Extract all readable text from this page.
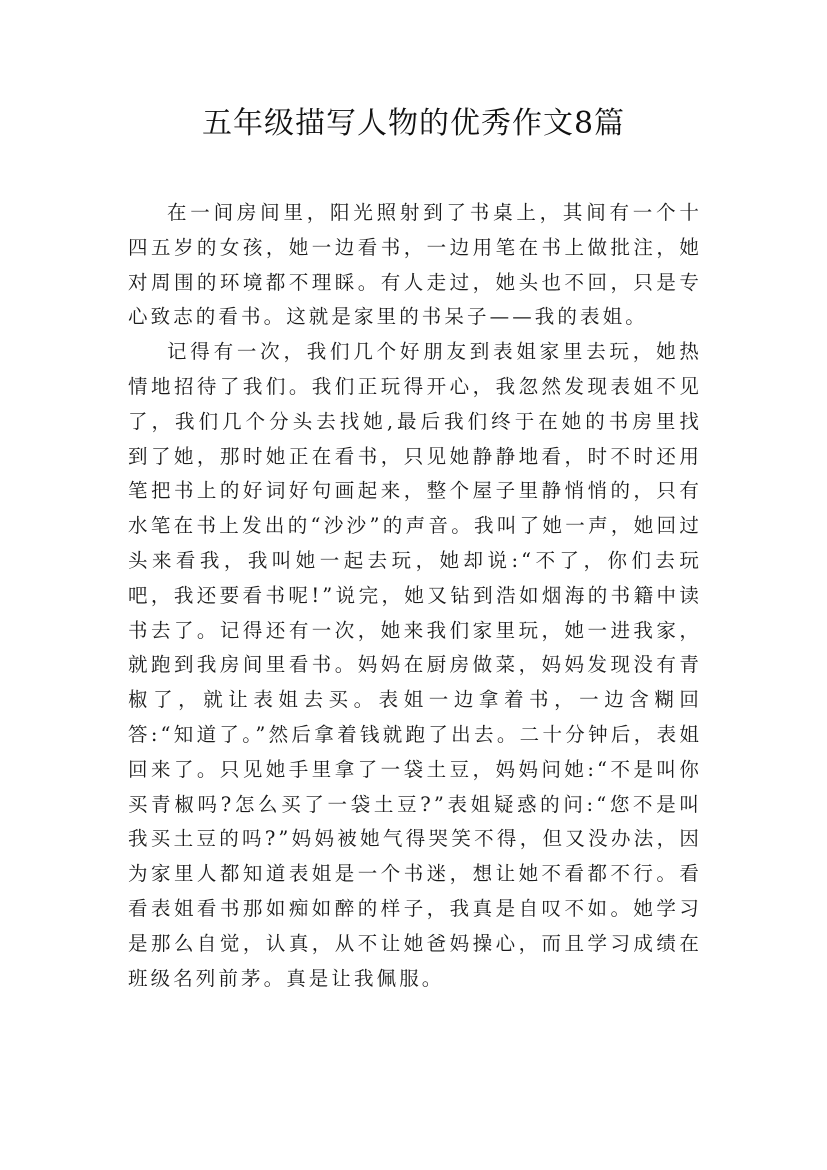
五年级描写人物的优秀作文8篇

在一间房间里，阳光照射到了书桌上，其间有一个十四五岁的女孩，她一边看书，一边用笔在书上做批注，她对周围的环境都不理睬。有人走过，她头也不回，只是专心致志的看书。这就是家里的书呆子——我的表姐。

记得有一次，我们几个好朋友到表姐家里去玩，她热情地招待了我们。我们正玩得开心，我忽然发现表姐不见了，我们几个分头去找她,最后我们终于在她的书房里找到了她，那时她正在看书，只见她静静地看，时不时还用笔把书上的好词好句画起来，整个屋子里静悄悄的，只有水笔在书上发出的“沙沙”的声音。我叫了她一声，她回过头来看我，我叫她一起去玩，她却说:“不了，你们去玩吧，我还要看书呢!”说完，她又钻到浩如烟海的书籍中读书去了。记得还有一次，她来我们家里玩，她一进我家，就跑到我房间里看书。妈妈在厨房做菜，妈妈发现没有青椒了，就让表姐去买。表姐一边拿着书，一边含糊回答:“知道了。”然后拿着钱就跑了出去。二十分钟后，表姐回来了。只见她手里拿了一袋土豆，妈妈问她:“不是叫你买青椒吗?怎么买了一袋土豆?”表姐疑惑的问:“您不是叫我买土豆的吗?”妈妈被她气得哭笑不得，但又没办法，因为家里人都知道表姐是一个书迷，想让她不看都不行。看看表姐看书那如痴如醉的样子，我真是自叹不如。她学习是那么自觉，认真，从不让她爸妈操心，而且学习成绩在班级名列前茅。真是让我佩服。
